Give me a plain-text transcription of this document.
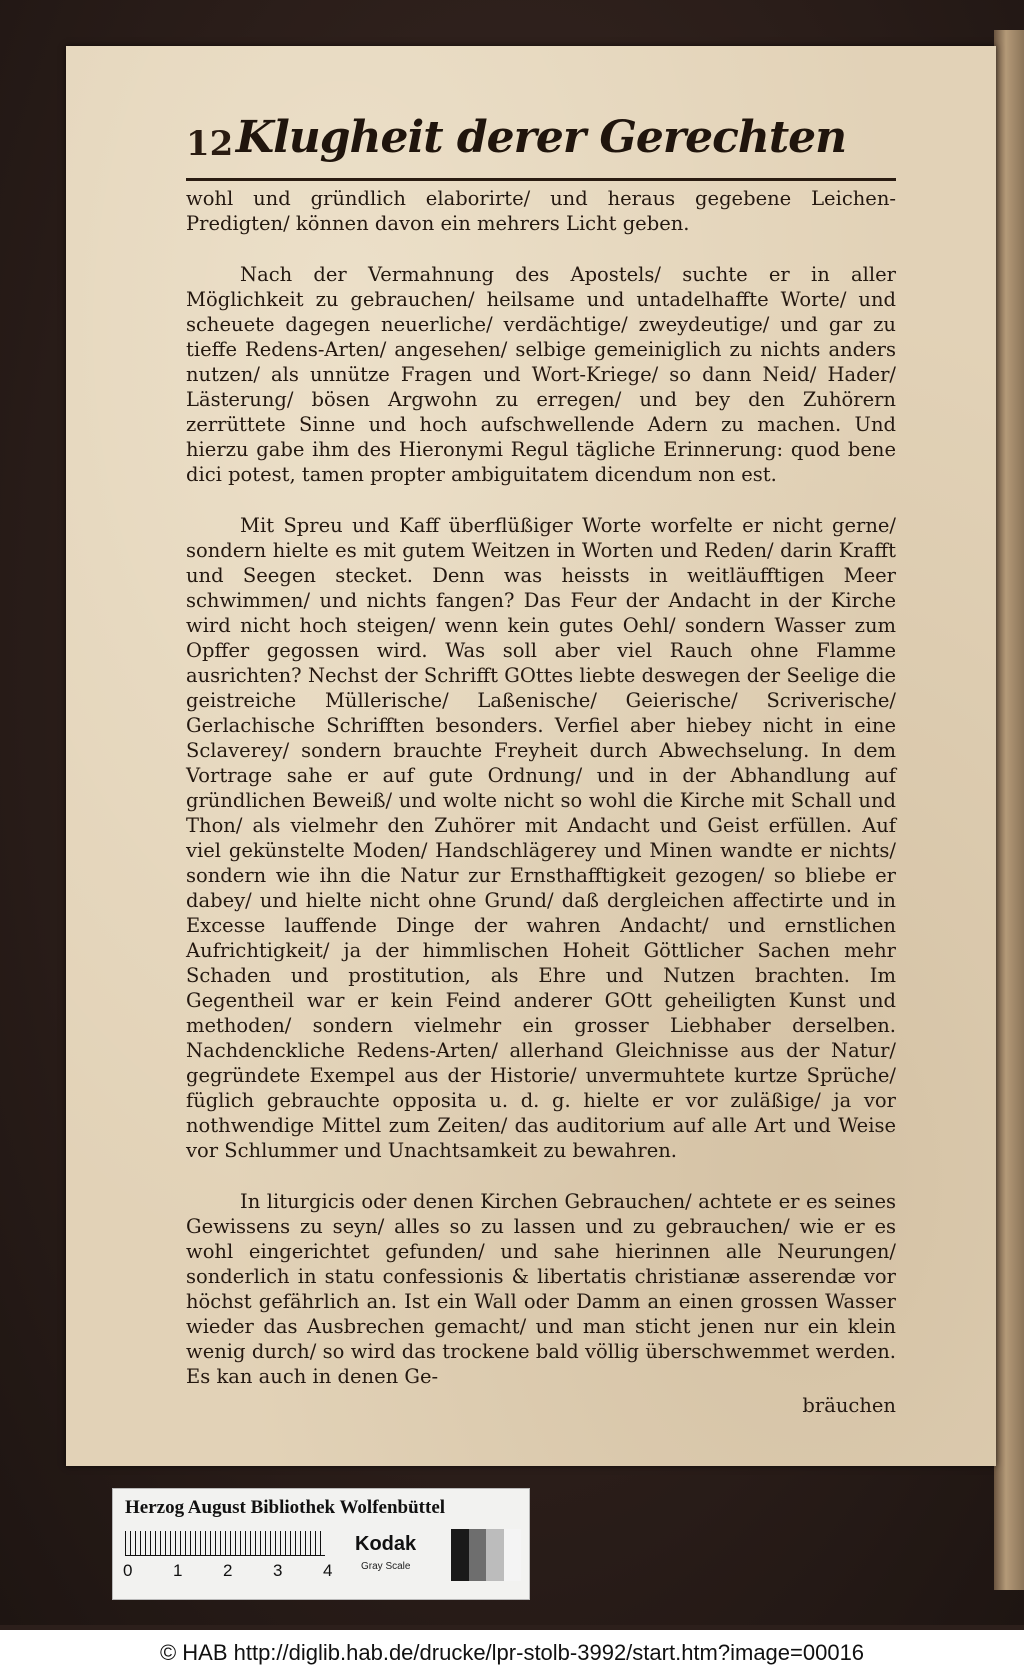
12 Klugheit derer Gerechten

wohl und gründlich elaborirte/ und heraus gegebene Leichen-Predigten/ können davon ein mehrers Licht geben.

Nach der Vermahnung des Apostels/ suchte er in aller Möglichkeit zu gebrauchen/ heilsame und untadelhaffte Worte/ und scheuete dagegen neuerliche/ verdächtige/ zweydeutige/ und gar zu tieffe Redens-Arten/ angesehen/ selbige gemeiniglich zu nichts anders nutzen/ als unnütze Fragen und Wort-Kriege/ so dann Neid/ Hader/ Lästerung/ bösen Argwohn zu erregen/ und bey den Zuhörern zerrüttete Sinne und hoch aufschwellende Adern zu machen. Und hierzu gabe ihm des Hieronymi Regul tägliche Erinnerung: quod bene dici potest, tamen propter ambiguitatem dicendum non est.

Mit Spreu und Kaff überflüßiger Worte worfelte er nicht gerne/ sondern hielte es mit gutem Weitzen in Worten und Reden/ darin Krafft und Seegen stecket. Denn was heissts in weitläufftigen Meer schwimmen/ und nichts fangen? Das Feur der Andacht in der Kirche wird nicht hoch steigen/ wenn kein gutes Oehl/ sondern Wasser zum Opffer gegossen wird. Was soll aber viel Rauch ohne Flamme ausrichten? Nechst der Schrifft GOttes liebte deswegen der Seelige die geistreiche Müllerische/ Laßenische/ Geierische/ Scriverische/ Gerlachische Schrifften besonders. Verfiel aber hiebey nicht in eine Sclaverey/ sondern brauchte Freyheit durch Abwechselung. In dem Vortrage sahe er auf gute Ordnung/ und in der Abhandlung auf gründlichen Beweiß/ und wolte nicht so wohl die Kirche mit Schall und Thon/ als vielmehr den Zuhörer mit Andacht und Geist erfüllen. Auf viel gekünstelte Moden/ Handschlägerey und Minen wandte er nichts/ sondern wie ihn die Natur zur Ernsthafftigkeit gezogen/ so bliebe er dabey/ und hielte nicht ohne Grund/ daß dergleichen affectirte und in Excesse lauffende Dinge der wahren Andacht/ und ernstlichen Aufrichtigkeit/ ja der himmlischen Hoheit Göttlicher Sachen mehr Schaden und prostitution, als Ehre und Nutzen brachten. Im Gegentheil war er kein Feind anderer GOtt geheiligten Kunst und methoden/ sondern vielmehr ein grosser Liebhaber derselben. Nachdenckliche Redens-Arten/ allerhand Gleichnisse aus der Natur/ gegründete Exempel aus der Historie/ unvermuhtete kurtze Sprüche/ füglich gebrauchte opposita u. d. g. hielte er vor zuläßige/ ja vor nothwendige Mittel zum Zeiten/ das auditorium auf alle Art und Weise vor Schlummer und Unachtsamkeit zu bewahren.

In liturgicis oder denen Kirchen Gebrauchen/ achtete er es seines Gewissens zu seyn/ alles so zu lassen und zu gebrauchen/ wie er es wohl eingerichtet gefunden/ und sahe hierinnen alle Neurungen/ sonderlich in statu confessionis & libertatis christianæ asserendæ vor höchst gefährlich an. Ist ein Wall oder Damm an einen grossen Wasser wieder das Ausbrechen gemacht/ und man sticht jenen nur ein klein wenig durch/ so wird das trockene bald völlig überschwemmet werden. Es kan auch in denen Ge-

bräuchen
Herzog August Bibliothek Wolfenbüttel
0 1 2 3 4
Kodak
Gray Scale
© HAB http://diglib.hab.de/drucke/lpr-stolb-3992/start.htm?image=00016
